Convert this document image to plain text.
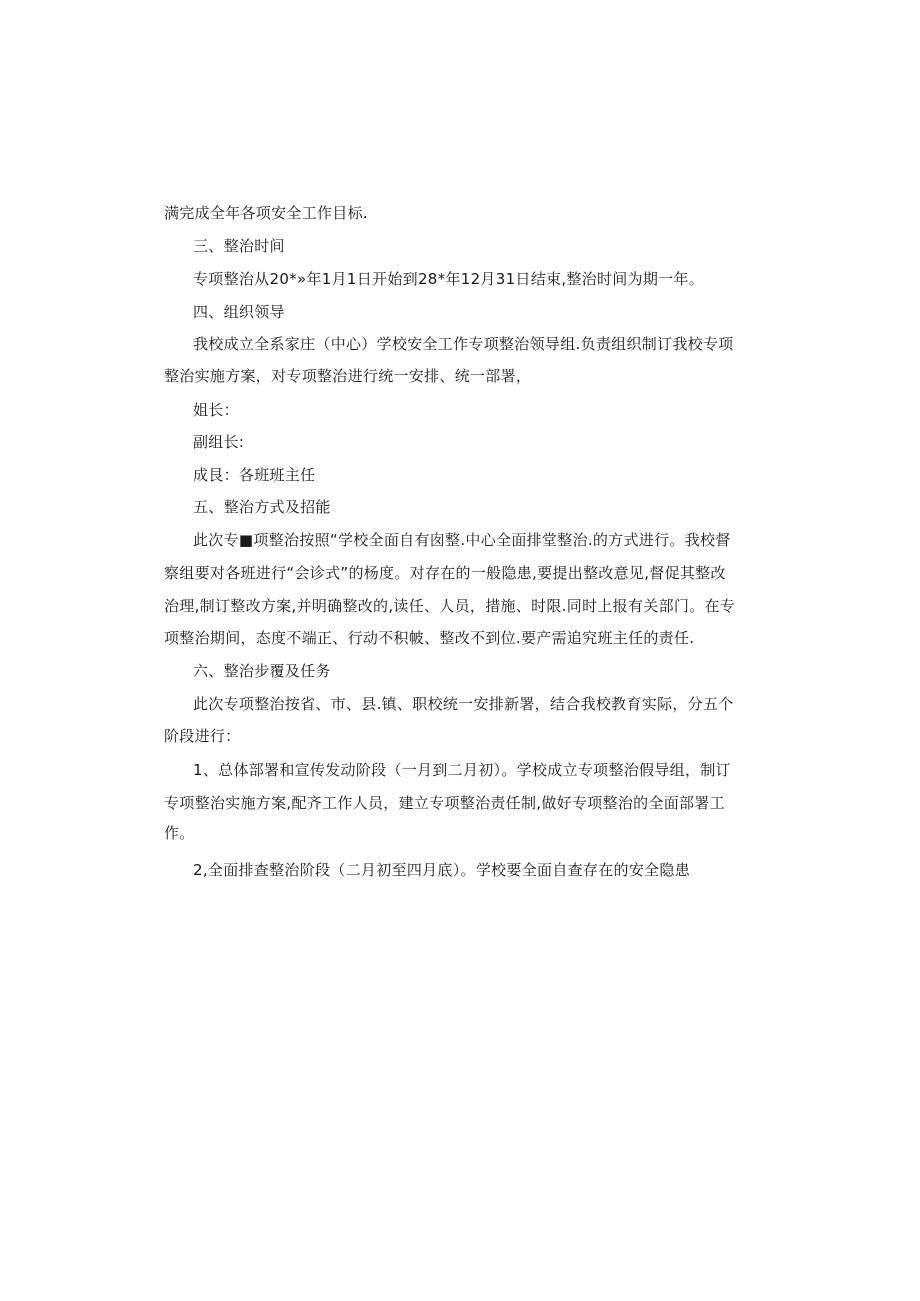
满完成全年各项安全工作目标.
三、整治时间
专项整治从20*»年1月1日开始到28*年12月31日结束,整治时间为期一年。
四、组织领导
我校成立全系家庄（中心）学校安全工作专项整治领导组.负责组织制订我校专项
整治实施方案，对专项整治进行统一安排、统一部署，
姐长：
副组长:
成艮：各班班主任
五、整治方式及招能
此次专■项整治按照“学校全面自有囱整.中心全面排堂整治.的方式进行。我校督
察组要对各班进行“会诊式”的杨度。对存在的一般隐患,要提出整改意见,督促其整改
治理,制订整改方案,并明确整改的,读任、人员，措施、时限.同时上报有关部门。在专
项整治期间，态度不端正、行动不积帔、整改不到位.要产需追究班主任的责任.
六、整治步覆及任务
此次专项整治按省、市、县.镇、职校统一安排新署，结合我校教育实际，分五个
阶段进行：
1、总体部署和宣传发动阶段（一月到二月初）。学校成立专项整治假导组，制订
专项整治实施方案,配齐工作人员，建立专项整治责任制,做好专项整治的全面部署工
作。
2,全面排查整治阶段（二月初至四月底）。学校要全面自查存在的安全隐患
